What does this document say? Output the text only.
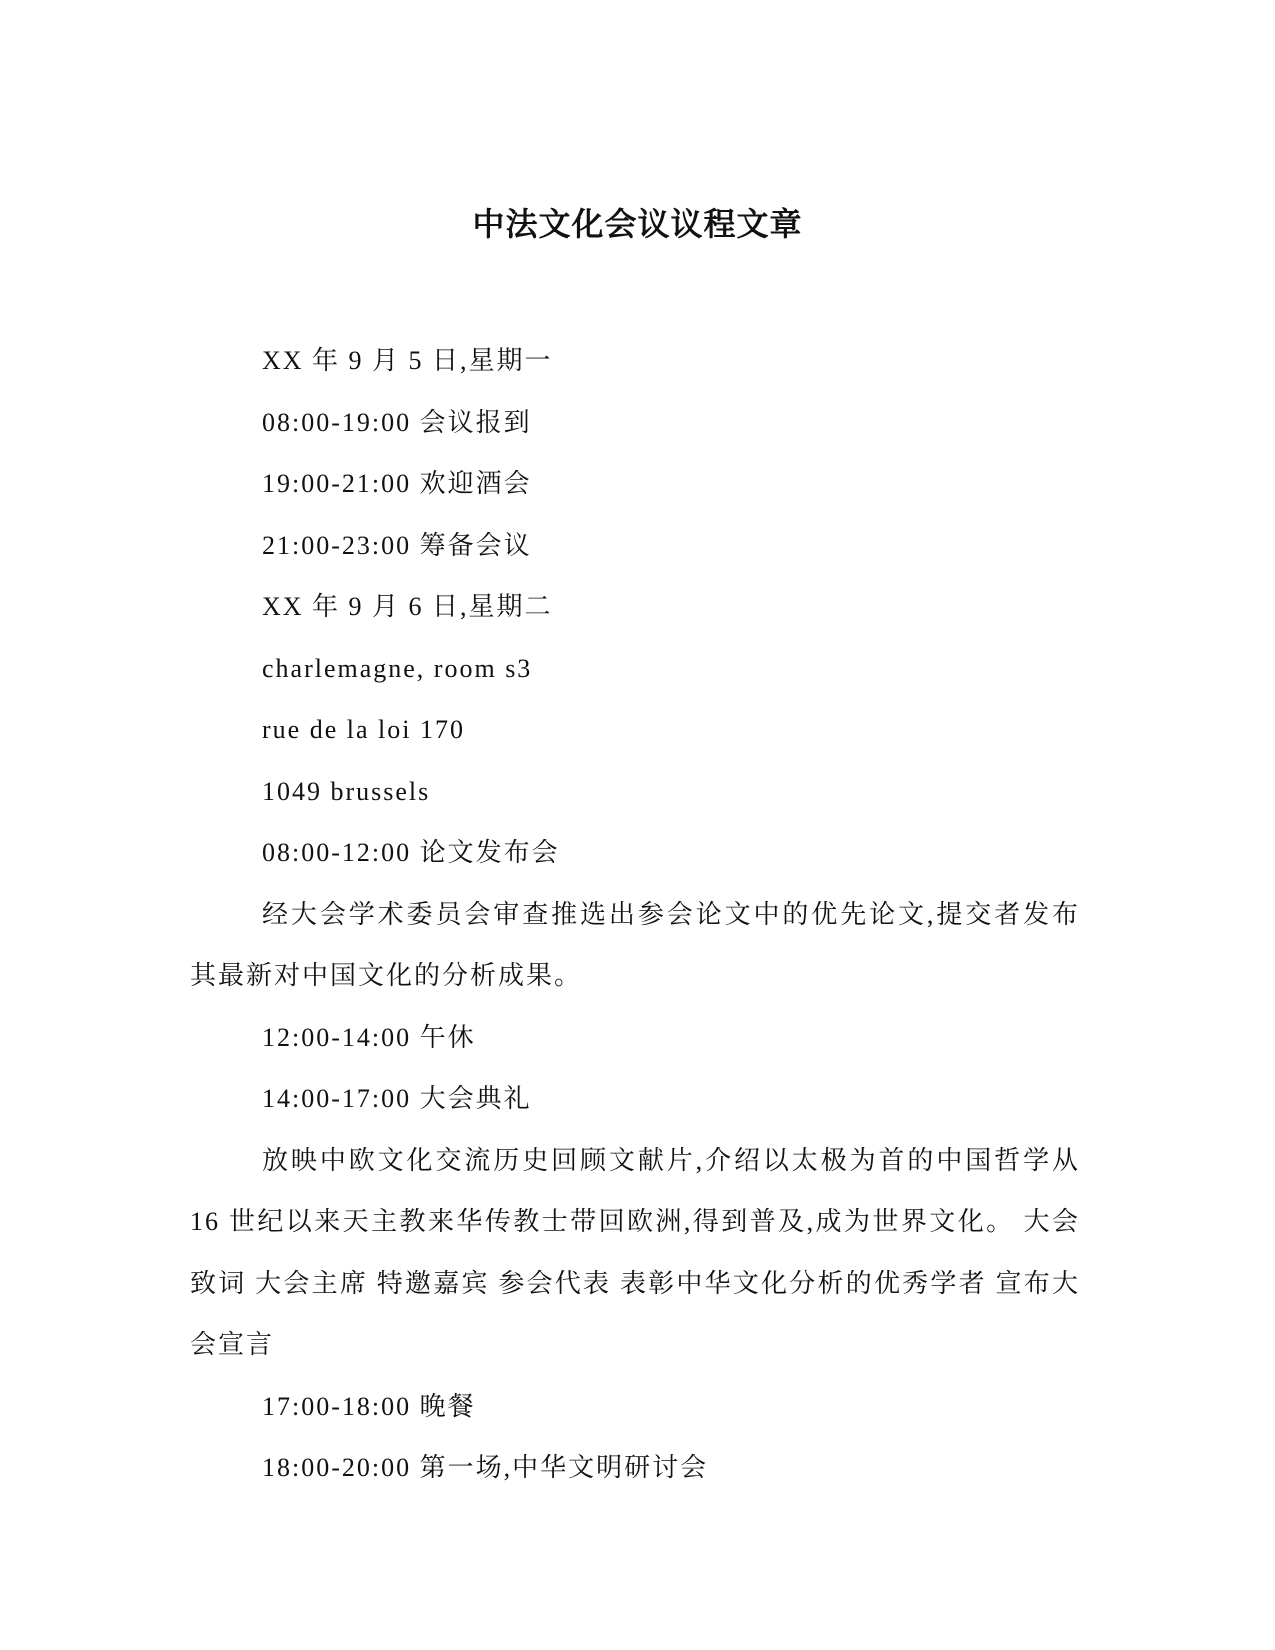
中法文化会议议程文章

XX 年 9 月 5 日,星期一

08:00-19:00 会议报到

19:00-21:00 欢迎酒会

21:00-23:00 筹备会议

XX 年 9 月 6 日,星期二

charlemagne, room s3

rue de la loi 170

1049 brussels

08:00-12:00 论文发布会

经大会学术委员会审查推选出参会论文中的优先论文,提交者发布其最新对中国文化的分析成果。

12:00-14:00 午休

14:00-17:00 大会典礼

放映中欧文化交流历史回顾文献片,介绍以太极为首的中国哲学从16 世纪以来天主教来华传教士带回欧洲,得到普及,成为世界文化。 大会致词 大会主席 特邀嘉宾 参会代表 表彰中华文化分析的优秀学者 宣布大会宣言

17:00-18:00 晚餐

18:00-20:00 第一场,中华文明研讨会
